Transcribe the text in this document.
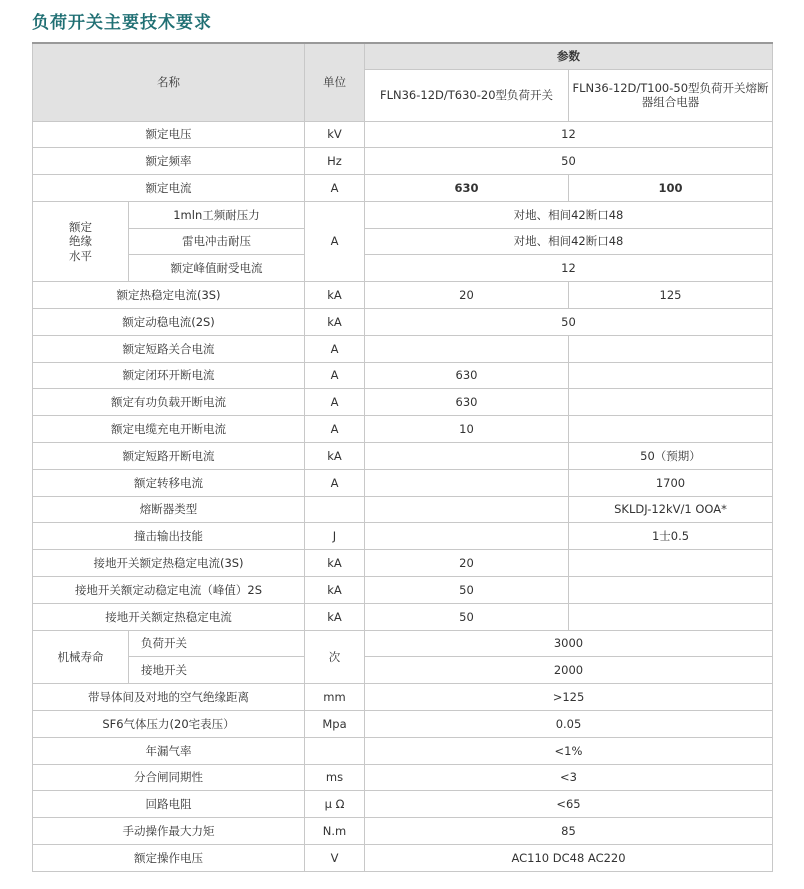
负荷开关主要技术要求
名称		单位	参数	
			FLN36-12D/T630-20型负荷开关	FLN36-12D/T100-50型负荷开关熔断器组合电器
额定电压		kV	12	
额定频率		Hz	50	
额定电流		A	630	100

额定
绝缘
水平	1mln工频耐压力	A	对地、相间42断口48	
	雷电冲击耐压		对地、相间42断口48	
	额定峰值耐受电流		12	
额定热稳定电流(3S)		kA	20	125
额定动稳电流(2S)		kA	50	
额定短路关合电流		A		
额定闭环开断电流		A	630	
额定有功负载开断电流		A	630	
额定电缆充电开断电流		A	10	
额定短路开断电流		kA		50（预期）
额定转移电流		A		1700
熔断器类型				SKLDJ-12kV/1 OOA*
撞击输出技能		J		1士0.5
接地开关额定热稳定电流(3S)		kA	20	
接地开关额定动稳定电流（峰值）2S		kA	50	
接地开关额定热稳定电流		kA	50	
机械寿命	负荷开关	次	3000	
	接地开关		2000	
带导体间及对地的空气绝缘距离		mm	>125	
SF6气体压力(20宅表压）		Mpa	0.05	
年漏气率			<1%	
分合闸同期性		ms	<3	
回路电阻		μ Ω	<65	
手动操作最大力矩		N.m	85	
额定操作电压		V	AC110 DC48 AC220	
